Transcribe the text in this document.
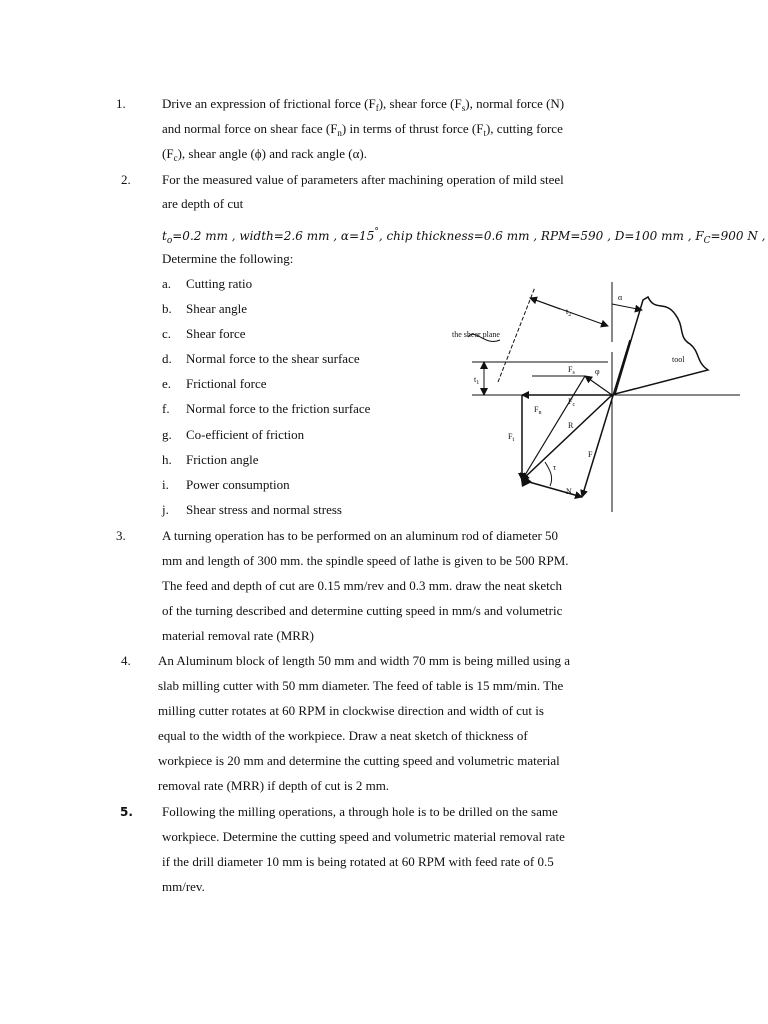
1.	Drive an expression of frictional force $(F_f)$, shear force $(F_s)$, normal force (N)
and normal force on shear face $(F_n)$ in terms of thrust force $(F_t)$, cutting force
$(F_c)$, shear angle (ϕ) and rack angle (α).
2. For the measured value of parameters after machining operation of mild steel
are depth of cut
$t_o=0.2$ mm , width=2.6 mm , α=15°, chip thickness=0.6 mm , RPM=590 , D=100 mm , $F_C=900$ N ,
Determine the following:
a. Cutting ratio
b. Shear angle
c. Shear force
d. Normal force to the shear surface
e. Frictional force
f. Normal force to the friction surface
g. Co-efficient of friction
h. Friction angle
i. Power consumption
j. Shear stress and normal stress
the shear plane
tool
α
$t_2$
$t_1$
$F_s$	φ
$F_c$
$F_n$
R
$F_t$
F
N
τ
3.	A turning operation has to be performed on an aluminum rod of diameter 50
mm and length of 300 mm. the spindle speed of lathe is given to be 500 RPM.
The feed and depth of cut are 0.15 mm/rev and 0.3 mm. draw the neat sketch
of the turning described and determine cutting speed in mm/s and volumetric
material removal rate (MRR)
4. An Aluminum block of length 50 mm and width 70 mm is being milled using a
slab milling cutter with 50 mm diameter. The feed of table is 15 mm/min. The
milling cutter rotates at 60 RPM in clockwise direction and width of cut is
equal to the width of the workpiece. Draw a neat sketch of thickness of
workpiece is 20 mm and determine the cutting speed and volumetric material
removal rate (MRR) if depth of cut is 2 mm.
5. Following the milling operations, a through hole is to be drilled on the same
workpiece. Determine the cutting speed and volumetric material removal rate
if the drill diameter 10 mm is being rotated at 60 RPM with feed rate of 0.5
mm/rev.
